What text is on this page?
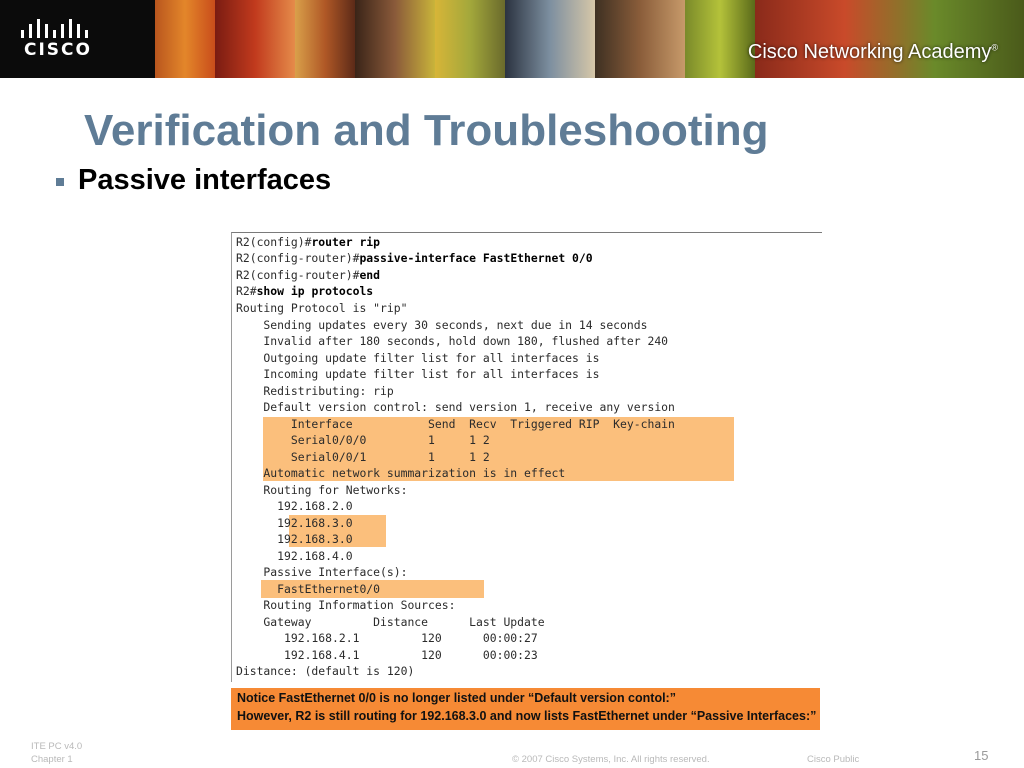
CISCO	Cisco Networking Academy®
Verification and Troubleshooting
Passive interfaces
R2(config)#router rip
R2(config-router)#passive-interface FastEthernet 0/0
R2(config-router)#end
R2#show ip protocols
Routing Protocol is "rip"
Sending updates every 30 seconds, next due in 14 seconds
Invalid after 180 seconds, hold down 180, flushed after 240
Outgoing update filter list for all interfaces is
Incoming update filter list for all interfaces is
Redistributing: rip
Default version control: send version 1, receive any version
Interface           Send  Recv  Triggered RIP  Key-chain
Serial0/0/0         1     1 2
Serial0/0/1         1     1 2
Automatic network summarization is in effect
Routing for Networks:
192.168.2.0
192.168.3.0
192.168.3.0
192.168.4.0
Passive Interface(s):
FastEthernet0/0
Routing Information Sources:
Gateway         Distance      Last Update
192.168.2.1         120      00:00:27
192.168.4.1         120      00:00:23
Distance: (default is 120)
Notice FastEthernet 0/0 is no longer listed under “Default version contol:”
However, R2 is still routing for 192.168.3.0 and now lists FastEthernet under “Passive Interfaces:”
ITE PC v4.0
Chapter 1	© 2007 Cisco Systems, Inc. All rights reserved.	Cisco Public	15
